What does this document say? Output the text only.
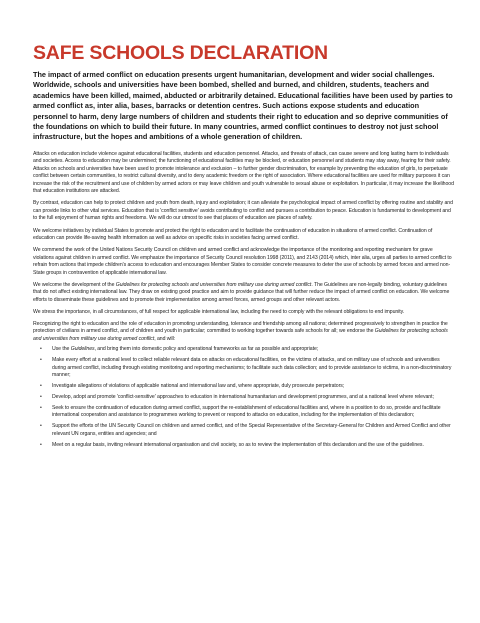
SAFE SCHOOLS DECLARATION

The impact of armed conflict on education presents urgent humanitarian, development and wider social challenges. Worldwide, schools and universities have been bombed, shelled and burned, and children, students, teachers and academics have been killed, maimed, abducted or arbitrarily detained. Educational facilities have been used by parties to armed conflict as, inter alia, bases, barracks or detention centres. Such actions expose students and education personnel to harm, deny large numbers of children and students their right to education and so deprive communities of the foundations on which to build their future. In many countries, armed conflict continues to destroy not just school infrastructure, but the hopes and ambitions of a whole generation of children.

Attacks on education include violence against educational facilities, students and education personnel. Attacks, and threats of attack, can cause severe and long lasting harm to individuals and societies. Access to education may be undermined; the functioning of educational facilities may be blocked, or education personnel and students may stay away, fearing for their safety. Attacks on schools and universities have been used to promote intolerance and exclusion – to further gender discrimination, for example by preventing the education of girls, to perpetuate conflict between certain communities, to restrict cultural diversity, and to deny academic freedom or the right of association. Where educational facilities are used for military purposes it can increase the risk of the recruitment and use of children by armed actors or may leave children and youth vulnerable to sexual abuse or exploitation. In particular, it may increase the likelihood that education institutions are attacked.

By contrast, education can help to protect children and youth from death, injury and exploitation; it can alleviate the psychological impact of armed conflict by offering routine and stability and can provide links to other vital services. Education that is 'conflict sensitive' avoids contributing to conflict and pursues a contribution to peace. Education is fundamental to development and to the full enjoyment of human rights and freedoms. We will do our utmost to see that places of education are places of safety.

We welcome initiatives by individual States to promote and protect the right to education and to facilitate the continuation of education in situations of armed conflict. Continuation of education can provide life-saving health information as well as advice on specific risks in societies facing armed conflict.

We commend the work of the United Nations Security Council on children and armed conflict and acknowledge the importance of the monitoring and reporting mechanism for grave violations against children in armed conflict. We emphasize the importance of Security Council resolution 1998 (2011), and 2143 (2014) which, inter alia, urges all parties to armed conflict to refrain from actions that impede children's access to education and encourages Member States to consider concrete measures to deter the use of schools by armed forces and armed non-State groups in contravention of applicable international law.

We welcome the development of the Guidelines for protecting schools and universities from military use during armed conflict. The Guidelines are non-legally binding, voluntary guidelines that do not affect existing international law. They draw on existing good practice and aim to provide guidance that will further reduce the impact of armed conflict on education. We welcome efforts to disseminate these guidelines and to promote their implementation among armed forces, armed groups and other relevant actors.

We stress the importance, in all circumstances, of full respect for applicable international law, including the need to comply with the relevant obligations to end impunity.

Recognizing the right to education and the role of education in promoting understanding, tolerance and friendship among all nations; determined progressively to strengthen in practice the protection of civilians in armed conflict, and of children and youth in particular; committed to working together towards safe schools for all; we endorse the Guidelines for protecting schools and universities from military use during armed conflict, and will:

• Use the Guidelines, and bring them into domestic policy and operational frameworks as far as possible and appropriate;
• Make every effort at a national level to collect reliable relevant data on attacks on educational facilities, on the victims of attacks, and on military use of schools and universities during armed conflict, including through existing monitoring and reporting mechanisms; to facilitate such data collection; and to provide assistance to victims, in a non-discriminatory manner;
• Investigate allegations of violations of applicable national and international law and, where appropriate, duly prosecute perpetrators;
• Develop, adopt and promote 'conflict-sensitive' approaches to education in international humanitarian and development programmes, and at a national level where relevant;
• Seek to ensure the continuation of education during armed conflict, support the re-establishment of educational facilities and, where in a position to do so, provide and facilitate international cooperation and assistance to programmes working to prevent or respond to attacks on education, including for the implementation of this declaration;
• Support the efforts of the UN Security Council on children and armed conflict, and of the Special Representative of the Secretary-General for Children and Armed Conflict and other relevant UN organs, entities and agencies; and
• Meet on a regular basis, inviting relevant international organisation and civil society, so as to review the implementation of this declaration and the use of the guidelines.
